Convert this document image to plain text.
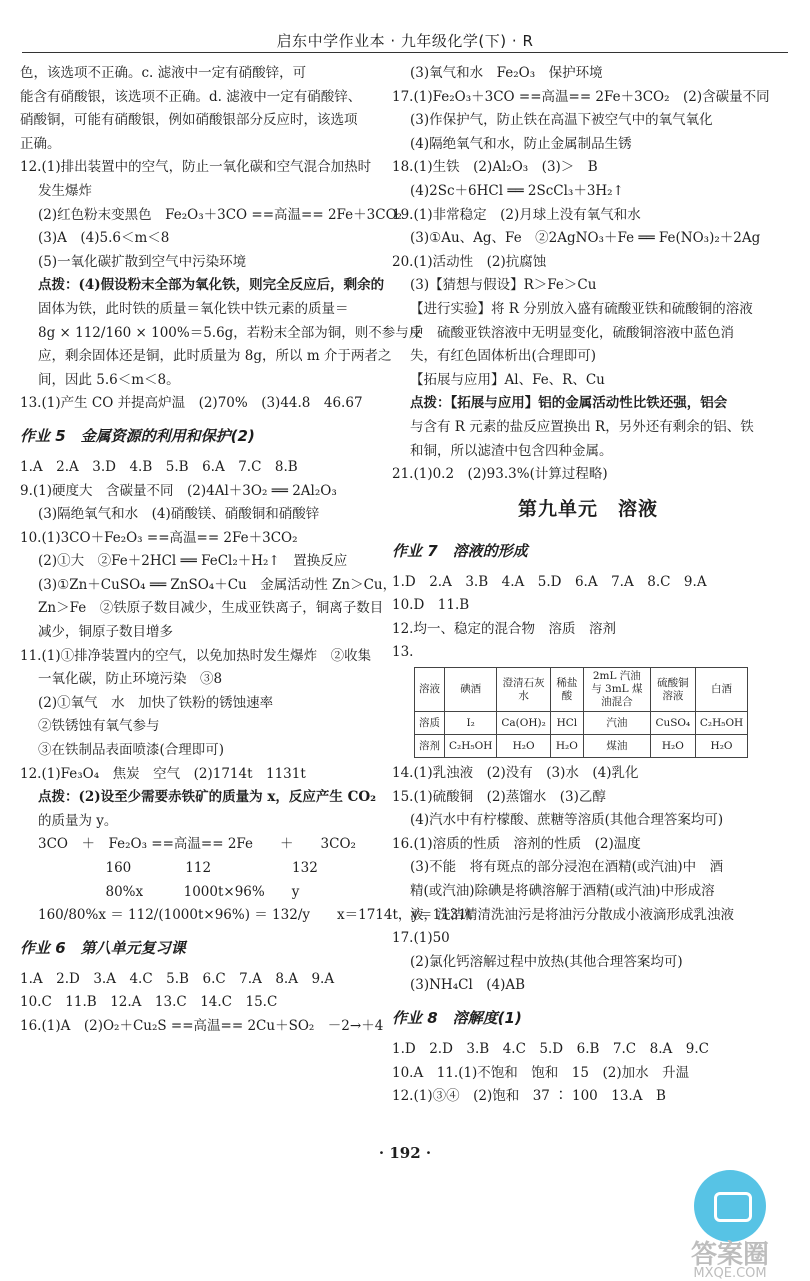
启东中学作业本 · 九年级化学(下) · R
色，该选项不正确。c. 滤液中一定有硝酸锌，可
能含有硝酸银，该选项不正确。d. 滤液中一定有硝酸锌、
硝酸铜，可能有硝酸银，例如硝酸银部分反应时，该选项
正确。
12.(1)排出装置中的空气，防止一氧化碳和空气混合加热时
发生爆炸
(2)红色粉末变黑色　Fe₂O₃＋3CO ==高温== 2Fe＋3CO₂
(3)A　(4)5.6＜m＜8
(5)一氧化碳扩散到空气中污染环境
点拨：(4)假设粉末全部为氧化铁，则完全反应后，剩余的
固体为铁，此时铁的质量＝氧化铁中铁元素的质量＝
8g × 112/160 × 100%＝5.6g，若粉末全部为铜，则不参与反
应，剩余固体还是铜，此时质量为 8g，所以 m 介于两者之
间，因此 5.6＜m＜8。
13.(1)产生 CO 并提高炉温　(2)70%　(3)44.8　46.67
作业 5　金属资源的利用和保护(2)
1.A　2.A　3.D　4.B　5.B　6.A　7.C　8.B
9.(1)硬度大　含碳量不同　(2)4Al＋3O₂ ══ 2Al₂O₃
(3)隔绝氧气和水　(4)硝酸镁、硝酸铜和硝酸锌
10.(1)3CO＋Fe₂O₃ ==高温== 2Fe＋3CO₂
(2)①大　②Fe＋2HCl ══ FeCl₂＋H₂↑　置换反应
(3)①Zn＋CuSO₄ ══ ZnSO₄＋Cu　金属活动性 Zn＞Cu，
Zn＞Fe　②铁原子数目减少，生成亚铁离子，铜离子数目
减少，铜原子数目增多
11.(1)①排净装置内的空气，以免加热时发生爆炸　②收集
一氧化碳，防止环境污染　③8
(2)①氧气　水　加快了铁粉的锈蚀速率
②铁锈蚀有氧气参与
③在铁制品表面喷漆(合理即可)
12.(1)Fe₃O₄　焦炭　空气　(2)1714t　1131t
点拨：(2)设至少需要赤铁矿的质量为 x，反应产生 CO₂
的质量为 y。
3CO　＋　Fe₂O₃ ==高温== 2Fe　　＋　　3CO₂
　　　　　160　　　　112　　　　　　132
　　　　　80%x　　　1000t×96%　　y
160/80%x ＝ 112/(1000t×96%) ＝ 132/y　　x＝1714t，y＝1131t
作业 6　第八单元复习课
1.A　2.D　3.A　4.C　5.B　6.C　7.A　8.A　9.A
10.C　11.B　12.A　13.C　14.C　15.C
16.(1)A　(2)O₂＋Cu₂S ==高温== 2Cu＋SO₂　－2→＋4
(3)氧气和水　Fe₂O₃　保护环境
17.(1)Fe₂O₃＋3CO ==高温== 2Fe＋3CO₂　(2)含碳量不同
(3)作保护气，防止铁在高温下被空气中的氧气氧化
(4)隔绝氧气和水，防止金属制品生锈
18.(1)生铁　(2)Al₂O₃　(3)＞　B
(4)2Sc＋6HCl ══ 2ScCl₃＋3H₂↑
19.(1)非常稳定　(2)月球上没有氧气和水
(3)①Au、Ag、Fe　②2AgNO₃＋Fe ══ Fe(NO₃)₂＋2Ag
20.(1)活动性　(2)抗腐蚀
(3)【猜想与假设】R＞Fe＞Cu
【进行实验】将 R 分别放入盛有硫酸亚铁和硫酸铜的溶液
中　硫酸亚铁溶液中无明显变化，硫酸铜溶液中蓝色消
失，有红色固体析出(合理即可)
【拓展与应用】Al、Fe、R、Cu
点拨：【拓展与应用】铝的金属活动性比铁还强，铝会
与含有 R 元素的盐反应置换出 R，另外还有剩余的铝、铁
和铜，所以滤渣中包含四种金属。
21.(1)0.2　(2)93.3%(计算过程略)
第九单元　溶液
作业 7　溶液的形成
1.D　2.A　3.B　4.A　5.D　6.A　7.A　8.C　9.A
10.D　11.B
12.均一、稳定的混合物　溶质　溶剂
13.
溶液	碘酒	澄清石灰水	稀盐酸	2mL 汽油与 3mL 煤油混合	硫酸铜溶液	白酒
溶质	I₂	Ca(OH)₂	HCl	汽油	CuSO₄	C₂H₅OH
溶剂	C₂H₅OH	H₂O	H₂O	煤油	H₂O	H₂O
14.(1)乳浊液　(2)没有　(3)水　(4)乳化
15.(1)硫酸铜　(2)蒸馏水　(3)乙醇
(4)汽水中有柠檬酸、蔗糖等溶质(其他合理答案均可)
16.(1)溶质的性质　溶剂的性质　(2)温度
(3)不能　将有斑点的部分浸泡在酒精(或汽油)中　酒
精(或汽油)除碘是将碘溶解于酒精(或汽油)中形成溶
液，洗洁精清洗油污是将油污分散成小液滴形成乳浊液
17.(1)50
(2)氯化钙溶解过程中放热(其他合理答案均可)
(3)NH₄Cl　(4)AB
作业 8　溶解度(1)
1.D　2.D　3.B　4.C　5.D　6.B　7.C　8.A　9.C
10.A　11.(1)不饱和　饱和　15　(2)加水　升温
12.(1)③④　(2)饱和　37 ∶ 100　13.A　B
· 192 ·
答案圈
MXQE.COM
